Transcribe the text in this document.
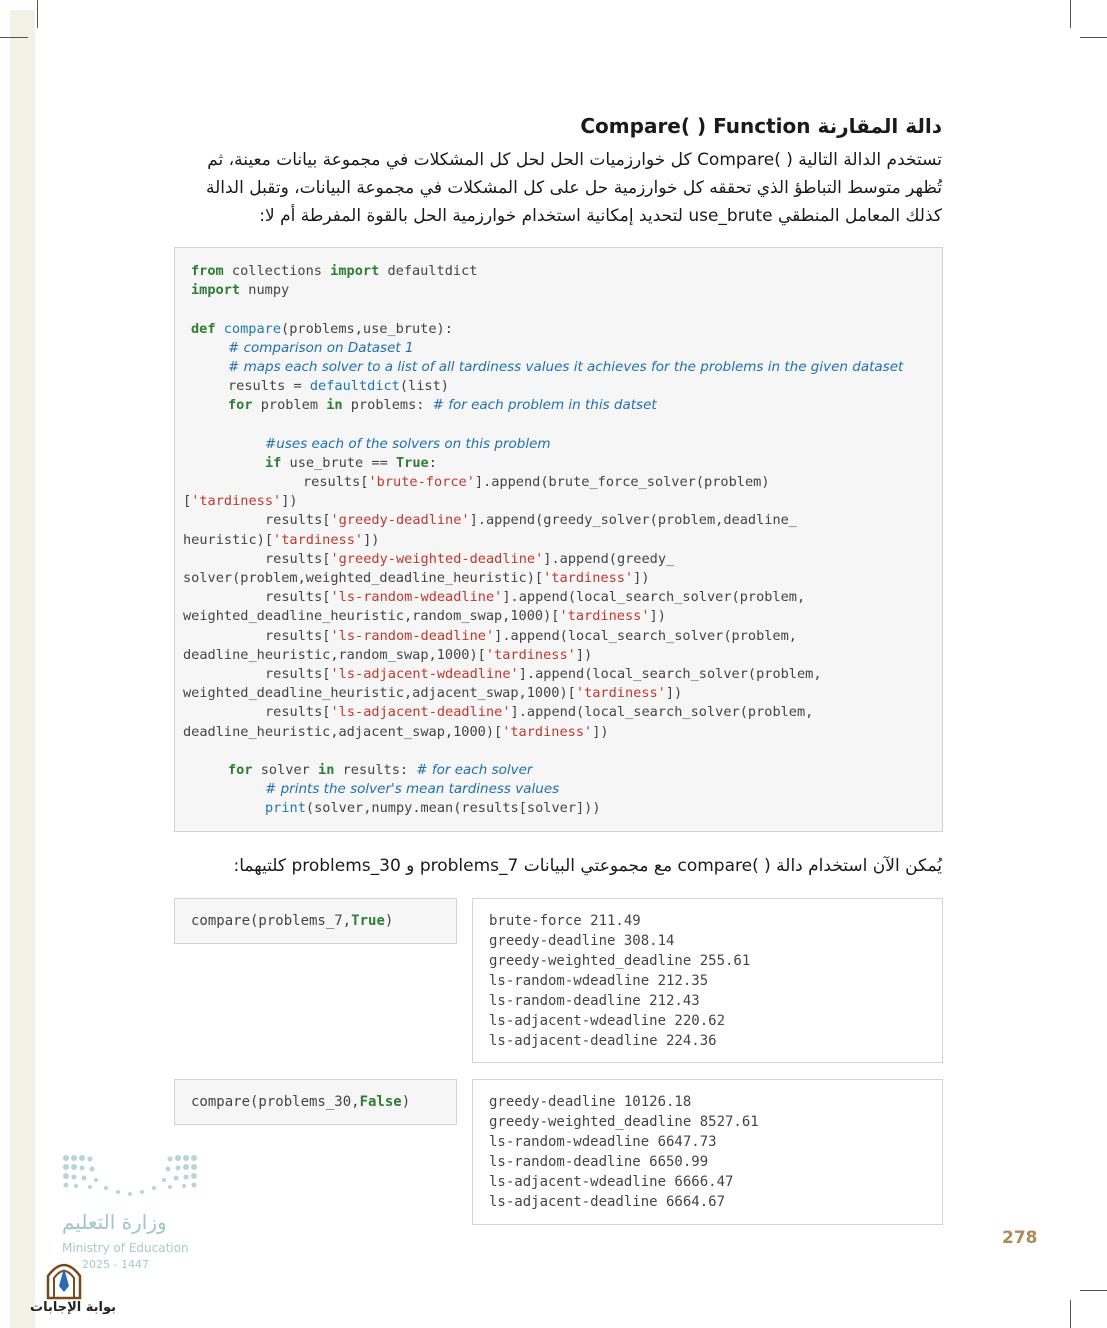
دالة المقارنة Compare( ) Function
تستخدم الدالة التالية ( )Compare كل خوارزميات الحل لحل كل المشكلات في مجموعة بيانات معينة، ثم تُظهر متوسط التباطؤ الذي تحققه كل خوارزمية حل على كل المشكلات في مجموعة البيانات، وتقبل الدالة كذلك المعامل المنطقي use_brute لتحديد إمكانية استخدام خوارزمية الحل بالقوة المفرطة أم لا:
from collections import defaultdict
import numpy
def compare(problems,use_brute):
# comparison on Dataset 1
# maps each solver to a list of all tardiness values it achieves for the problems in the given dataset
results = defaultdict(list)
for problem in problems: # for each problem in this datset
#uses each of the solvers on this problem
if use_brute == True:
results['brute-force'].append(brute_force_solver(problem)
['tardiness'])
results['greedy-deadline'].append(greedy_solver(problem,deadline_
heuristic)['tardiness'])
results['greedy-weighted-deadline'].append(greedy_
solver(problem,weighted_deadline_heuristic)['tardiness'])
results['ls-random-wdeadline'].append(local_search_solver(problem,
weighted_deadline_heuristic,random_swap,1000)['tardiness'])
results['ls-random-deadline'].append(local_search_solver(problem,
deadline_heuristic,random_swap,1000)['tardiness'])
results['ls-adjacent-wdeadline'].append(local_search_solver(problem,
weighted_deadline_heuristic,adjacent_swap,1000)['tardiness'])
results['ls-adjacent-deadline'].append(local_search_solver(problem,
deadline_heuristic,adjacent_swap,1000)['tardiness'])
for solver in results: # for each solver
# prints the solver's mean tardiness values
print(solver,numpy.mean(results[solver]))
يُمكن الآن استخدام دالة ( )compare مع مجموعتي البيانات problems_7 و problems_30 كلتيهما:
compare(problems_7,True)	brute-force 211.49
greedy-deadline 308.14
greedy-weighted_deadline 255.61
ls-random-wdeadline 212.35
ls-random-deadline 212.43
ls-adjacent-wdeadline 220.62
ls-adjacent-deadline 224.36
compare(problems_30,False)	greedy-deadline 10126.18
greedy-weighted_deadline 8527.61
ls-random-wdeadline 6647.73
ls-random-deadline 6650.99
ls-adjacent-wdeadline 6666.47
ls-adjacent-deadline 6664.67
278
وزارة التعليم
Ministry of Education
2025 - 1447
بوابة الإجابات
